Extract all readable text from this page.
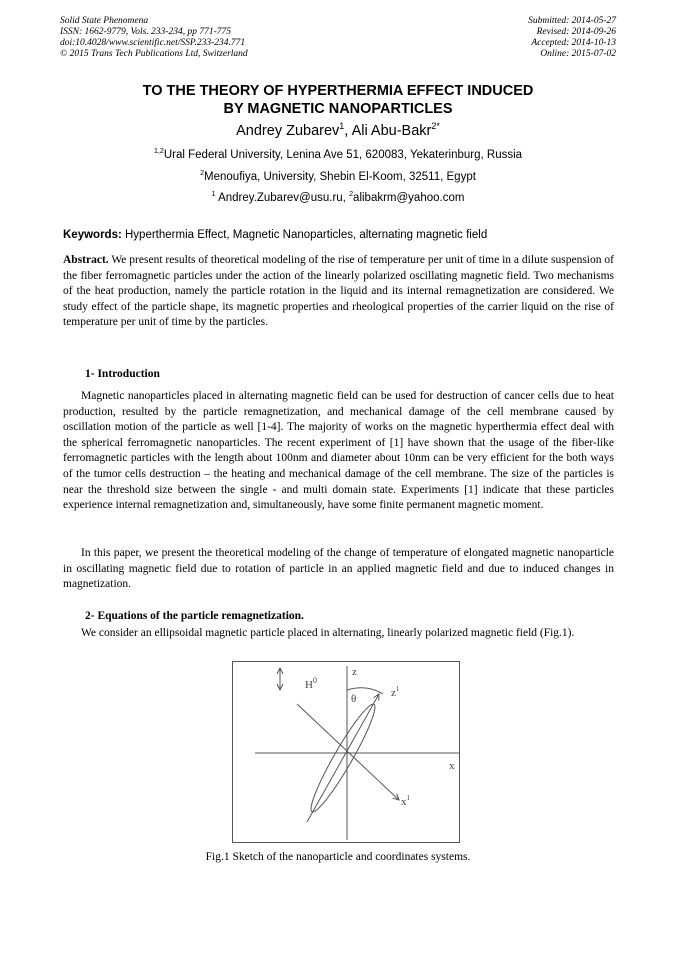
Solid State Phenomena
ISSN: 1662-9779, Vols. 233-234, pp 771-775
doi:10.4028/www.scientific.net/SSP.233-234.771
© 2015 Trans Tech Publications Ltd, Switzerland
Submitted: 2014-05-27
Revised: 2014-09-26
Accepted: 2014-10-13
Online: 2015-07-02
TO THE THEORY OF HYPERTHERMIA EFFECT INDUCED
BY MAGNETIC NANOPARTICLES
Andrey Zubarev$^1$, Ali Abu-Bakr$^{2*}$
$^{1,2}$Ural Federal University, Lenina Ave 51, 620083, Yekaterinburg, Russia
$^2$Menoufiya, University, Shebin El-Koom, 32511, Egypt
$^1$ Andrey.Zubarev@usu.ru, $^2$alibakrm@yahoo.com
Keywords: Hyperthermia Effect, Magnetic Nanoparticles, alternating magnetic field
Abstract. We present results of theoretical modeling of the rise of temperature per unit of time in a dilute suspension of the fiber ferromagnetic particles under the action of the linearly polarized oscillating magnetic field. Two mechanisms of the heat production, namely the particle rotation in the liquid and its internal remagnetization are considered. We study effect of the particle shape, its magnetic properties and rheological properties of the carrier liquid on the rise of temperature per unit of time by the particles.
1- Introduction
Magnetic nanoparticles placed in alternating magnetic field can be used for destruction of cancer cells due to heat production, resulted by the particle remagnetization, and mechanical damage of the cell membrane caused by oscillation motion of the particle as well [1-4]. The majority of works on the magnetic hyperthermia effect deal with the spherical ferromagnetic nanoparticles. The recent experiment of [1] have shown that the usage of the fiber-like ferromagnetic particles with the length about 100nm and diameter about 10nm can be very efficient for the both ways of the tumor cells destruction – the heating and mechanical damage of the cell membrane. The size of the particles is near the threshold size between the single - and multi domain state. Experiments [1] indicate that these particles experience internal remagnetization and, simultaneously, have some finite permanent magnetic moment.
In this paper, we present the theoretical modeling of the change of temperature of elongated magnetic nanoparticle in oscillating magnetic field due to rotation of particle in an applied magnetic field and due to induced changes in magnetization.
2- Equations of the particle remagnetization.
We consider an ellipsoidal magnetic particle placed in alternating, linearly polarized magnetic field (Fig.1).
$H^0$
z
$z^1$
θ
x
$x^1$
Fig.1 Sketch of the nanoparticle and coordinates systems.
